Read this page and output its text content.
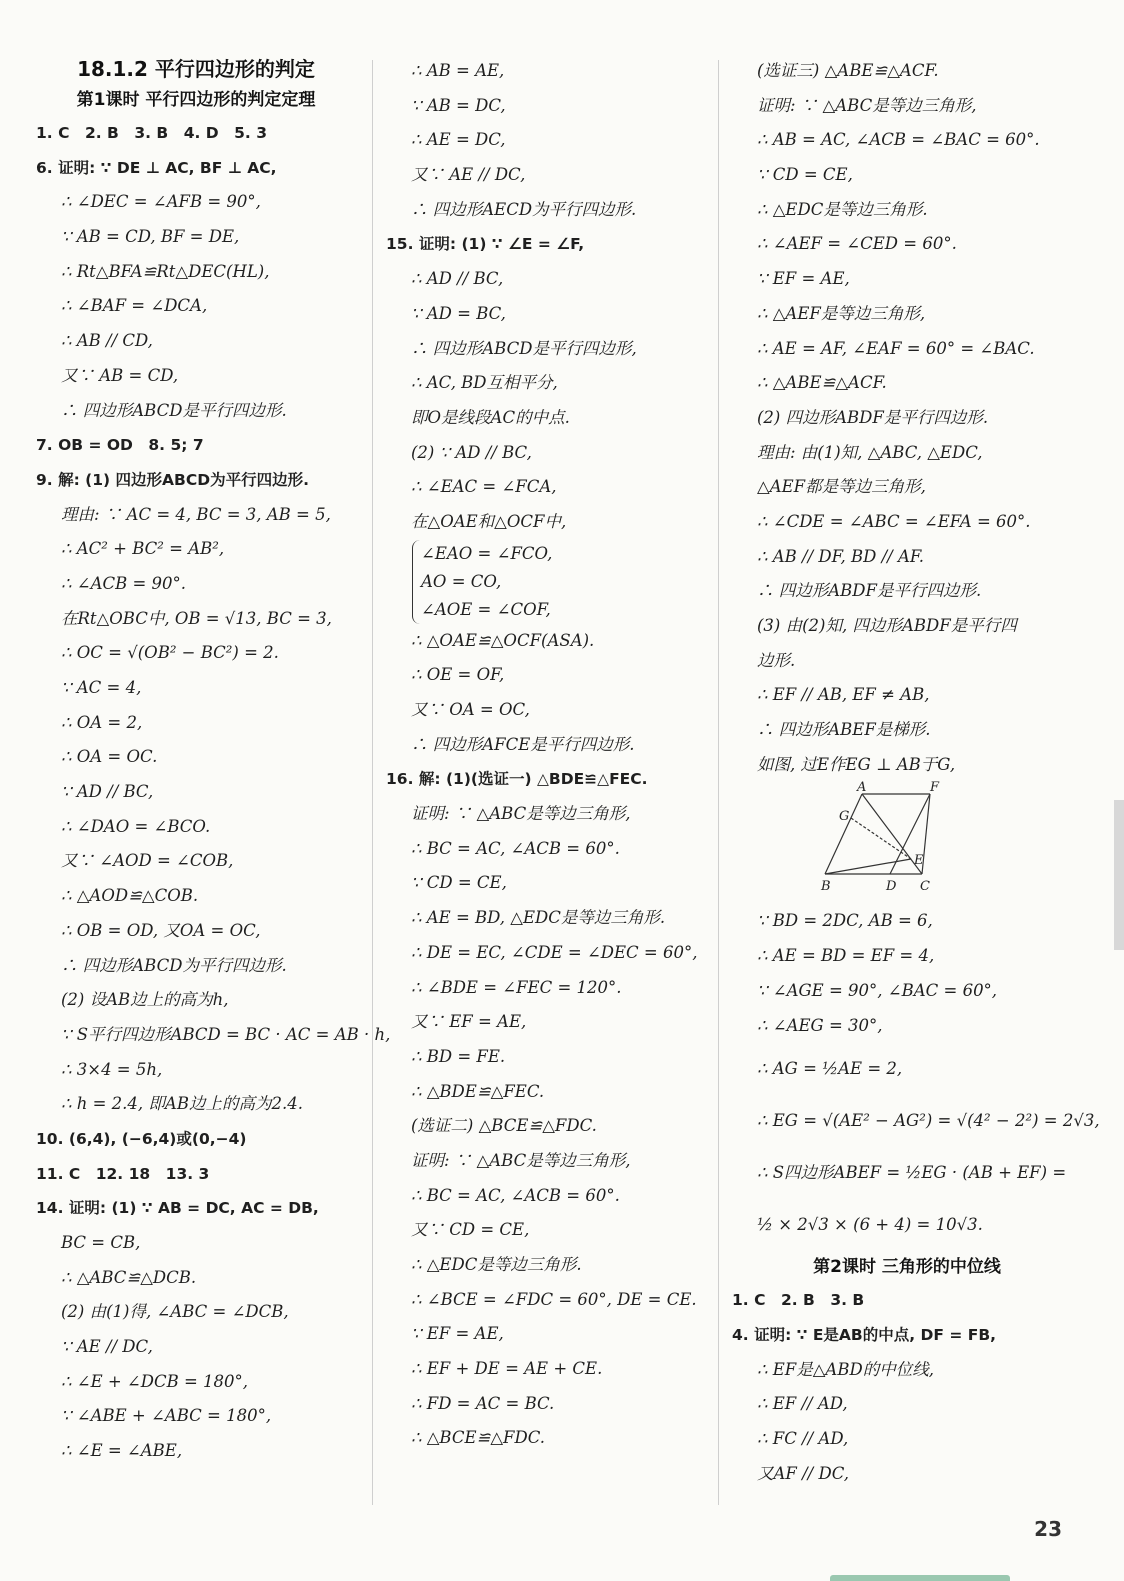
18.1.2 平行四边形的判定
第1课时 平行四边形的判定定理
1. C　2. B　3. B　4. D　5. 3
6. 证明: ∵ DE ⊥ AC, BF ⊥ AC,
∴ ∠DEC = ∠AFB = 90°,
∵ AB = CD, BF = DE,
∴ Rt△BFA≌Rt△DEC(HL),
∴ ∠BAF = ∠DCA,
∴ AB // CD,
又∵ AB = CD,
∴ 四边形ABCD是平行四边形.
7. OB = OD　8. 5; 7
9. 解: (1) 四边形ABCD为平行四边形.
理由: ∵ AC = 4, BC = 3, AB = 5,
∴ AC² + BC² = AB²,
∴ ∠ACB = 90°.
在Rt△OBC中, OB = √13, BC = 3,
∴ OC = √(OB² − BC²) = 2.
∵ AC = 4,
∴ OA = 2,
∴ OA = OC.
∵ AD // BC,
∴ ∠DAO = ∠BCO.
又∵ ∠AOD = ∠COB,
∴ △AOD≌△COB.
∴ OB = OD, 又OA = OC,
∴ 四边形ABCD为平行四边形.
(2) 设AB边上的高为h,
∵ S平行四边形ABCD = BC · AC = AB · h,
∴ 3×4 = 5h,
∴ h = 2.4, 即AB边上的高为2.4.
10. (6,4), (−6,4)或(0,−4)
11. C　12. 18　13. 3
14. 证明: (1) ∵ AB = DC, AC = DB,
BC = CB,
∴ △ABC≌△DCB.
(2) 由(1)得, ∠ABC = ∠DCB,
∵ AE // DC,
∴ ∠E + ∠DCB = 180°,
∵ ∠ABE + ∠ABC = 180°,
∴ ∠E = ∠ABE,
∴ AB = AE,
∵ AB = DC,
∴ AE = DC,
又∵ AE // DC,
∴ 四边形AECD为平行四边形.
15. 证明: (1) ∵ ∠E = ∠F,
∴ AD // BC,
∵ AD = BC,
∴ 四边形ABCD是平行四边形,
∴ AC, BD互相平分,
即O是线段AC的中点.
(2) ∵ AD // BC,
∴ ∠EAC = ∠FCA,
在△OAE和△OCF中,
∠EAO = ∠FCO,
AO = CO,
∠AOE = ∠COF,
∴ △OAE≌△OCF(ASA).
∴ OE = OF,
又∵ OA = OC,
∴ 四边形AFCE是平行四边形.
16. 解: (1)(选证一) △BDE≌△FEC.
证明: ∵ △ABC是等边三角形,
∴ BC = AC, ∠ACB = 60°.
∵ CD = CE,
∴ AE = BD, △EDC是等边三角形.
∴ DE = EC, ∠CDE = ∠DEC = 60°,
∴ ∠BDE = ∠FEC = 120°.
又∵ EF = AE,
∴ BD = FE.
∴ △BDE≌△FEC.
(选证二) △BCE≌△FDC.
证明: ∵ △ABC是等边三角形,
∴ BC = AC, ∠ACB = 60°.
又∵ CD = CE,
∴ △EDC是等边三角形.
∴ ∠BCE = ∠FDC = 60°, DE = CE.
∵ EF = AE,
∴ EF + DE = AE + CE.
∴ FD = AC = BC.
∴ △BCE≌△FDC.
(选证三) △ABE≌△ACF.
证明: ∵ △ABC是等边三角形,
∴ AB = AC, ∠ACB = ∠BAC = 60°.
∵ CD = CE,
∴ △EDC是等边三角形.
∴ ∠AEF = ∠CED = 60°.
∵ EF = AE,
∴ △AEF是等边三角形,
∴ AE = AF, ∠EAF = 60° = ∠BAC.
∴ △ABE≌△ACF.
(2) 四边形ABDF是平行四边形.
理由: 由(1)知, △ABC, △EDC,
△AEF都是等边三角形,
∴ ∠CDE = ∠ABC = ∠EFA = 60°.
∴ AB // DF, BD // AF.
∴ 四边形ABDF是平行四边形.
(3) 由(2)知, 四边形ABDF是平行四
边形.
∴ EF // AB, EF ≠ AB,
∴ 四边形ABEF是梯形.
如图, 过E作EG ⊥ AB于G,
A	F
G
E
B	D C
∵ BD = 2DC, AB = 6,
∴ AE = BD = EF = 4,
∵ ∠AGE = 90°, ∠BAC = 60°,
∴ ∠AEG = 30°,
∴ AG = ½AE = 2,
∴ EG = √(AE² − AG²) = √(4² − 2²) = 2√3,
∴ S四边形ABEF = ½EG · (AB + EF) =
½ × 2√3 × (6 + 4) = 10√3.
第2课时 三角形的中位线
1. C　2. B　3. B
4. 证明: ∵ E是AB的中点, DF = FB,
∴ EF是△ABD的中位线,
∴ EF // AD,
∴ FC // AD,
又AF // DC,
23
